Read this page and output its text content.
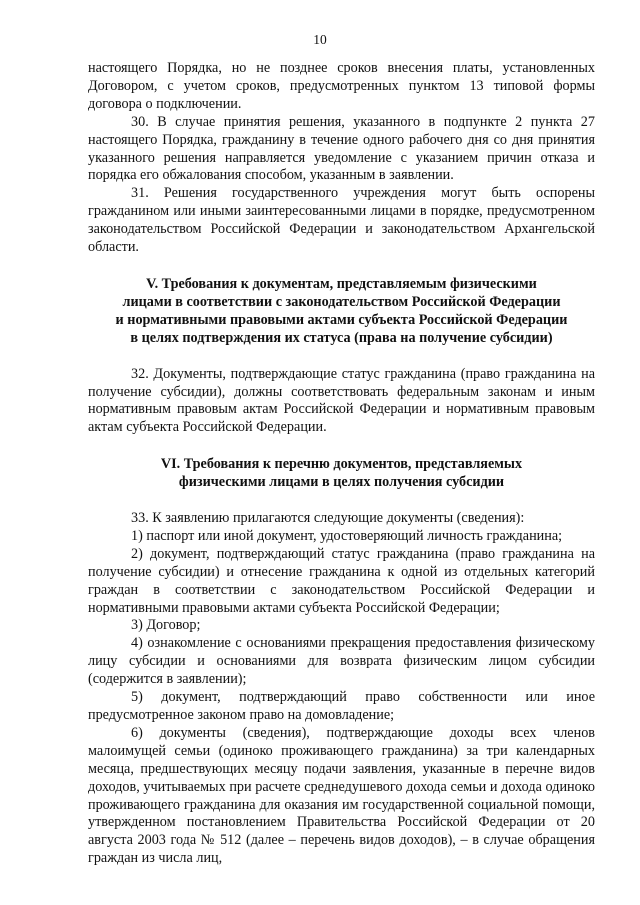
10

настоящего Порядка, но не позднее сроков внесения платы, установленных Договором, с учетом сроков, предусмотренных пунктом 13 типовой формы договора о подключении.

30. В случае принятия решения, указанного в подпункте 2 пункта 27 настоящего Порядка, гражданину в течение одного рабочего дня со дня принятия указанного решения направляется уведомление с указанием причин отказа и порядка его обжалования способом, указанным в заявлении.

31. Решения государственного учреждения могут быть оспорены гражданином или иными заинтересованными лицами в порядке, предусмотренном законодательством Российской Федерации и законодательством Архангельской области.

V. Требования к документам, представляемым физическими
лицами в соответствии с законодательством Российской Федерации
и нормативными правовыми актами субъекта Российской Федерации
в целях подтверждения их статуса (права на получение субсидии)

32. Документы, подтверждающие статус гражданина (право гражданина на получение субсидии), должны соответствовать федеральным законам и иным нормативным правовым актам Российской Федерации и нормативным правовым актам субъекта Российской Федерации.

VI. Требования к перечню документов, представляемых
физическими лицами в целях получения субсидии

33. К заявлению прилагаются следующие документы (сведения):

1) паспорт или иной документ, удостоверяющий личность гражданина;

2) документ, подтверждающий статус гражданина (право гражданина на получение субсидии) и отнесение гражданина к одной из отдельных категорий граждан в соответствии с законодательством Российской Федерации и нормативными правовыми актами субъекта Российской Федерации;

3) Договор;

4) ознакомление с основаниями прекращения предоставления физическому лицу субсидии и основаниями для возврата физическим лицом субсидии (содержится в заявлении);

5) документ, подтверждающий право собственности или иное предусмотренное законом право на домовладение;

6) документы (сведения), подтверждающие доходы всех членов малоимущей семьи (одиноко проживающего гражданина) за три календарных месяца, предшествующих месяцу подачи заявления, указанные в перечне видов доходов, учитываемых при расчете среднедушевого дохода семьи и дохода одиноко проживающего гражданина для оказания им государственной социальной помощи, утвержденном постановлением Правительства Российской Федерации от 20 августа 2003 года № 512 (далее – перечень видов доходов), – в случае обращения граждан из числа лиц,
